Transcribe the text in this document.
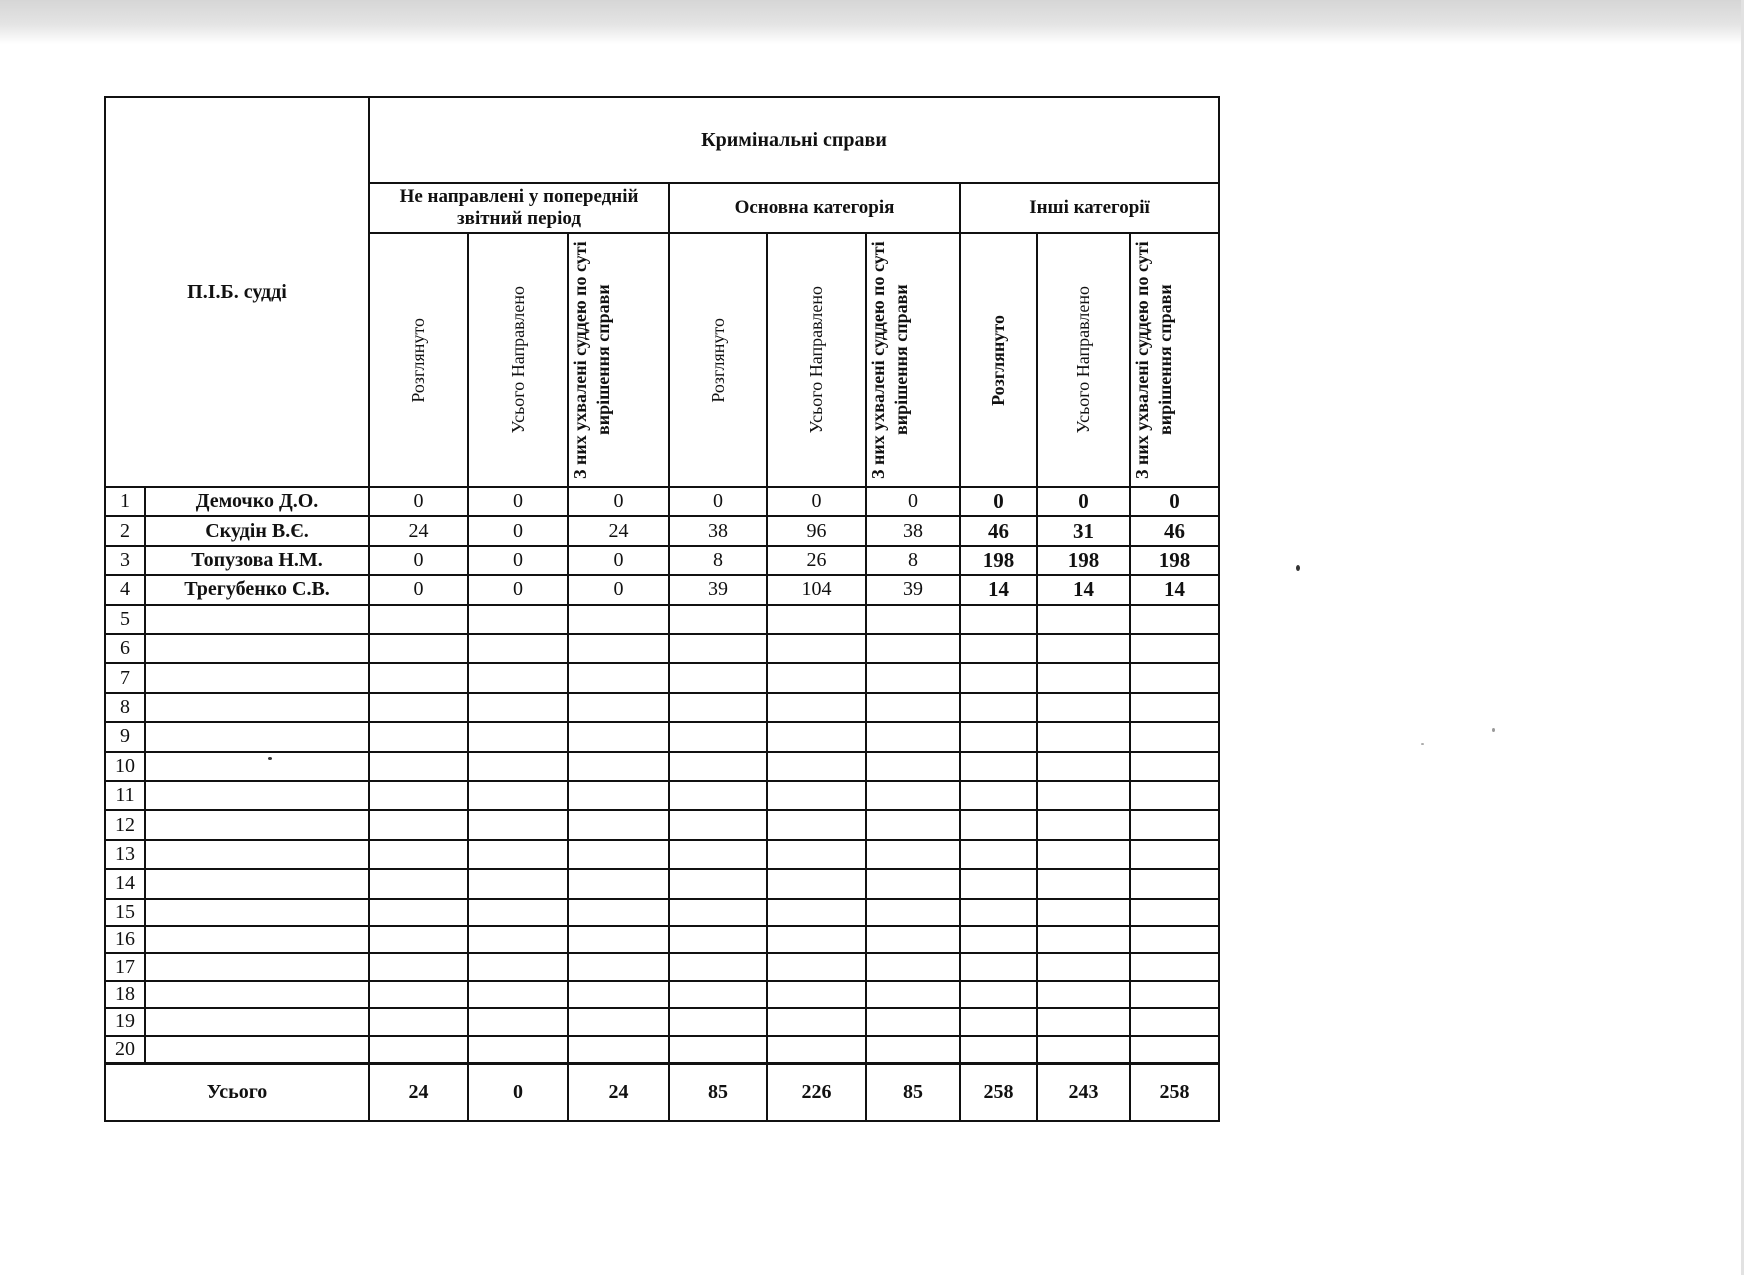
П.І.Б. судді		Кримінальні справи								
		Не направлені у попередній звітний період			Основна категорія			Інші категорії		

		Розглянуто	Усього Направлено	З них ухвалені суддею по суті вирішення справи	Розглянуто	Усього Направлено	З них ухвалені суддею по суті вирішення справи	Розглянуто	Усього Направлено	З них ухвалені суддею по суті вирішення справи

1	Демочко Д.О.	0	0	0	0	0	0	0	0	0
2	Скудін В.Є.	24	0	24	38	96	38	46	31	46
3	Топузова Н.М.	0	0	0	8	26	8	198	198	198
4	Трегубенко С.В.	0	0	0	39	104	39	14	14	14
5										
6										
7										
8										
9										
10										
11										
12										
13										
14										
15										
16										
17										
18										
19										
20										
Усього		24	0	24	85	226	85	258	243	258
